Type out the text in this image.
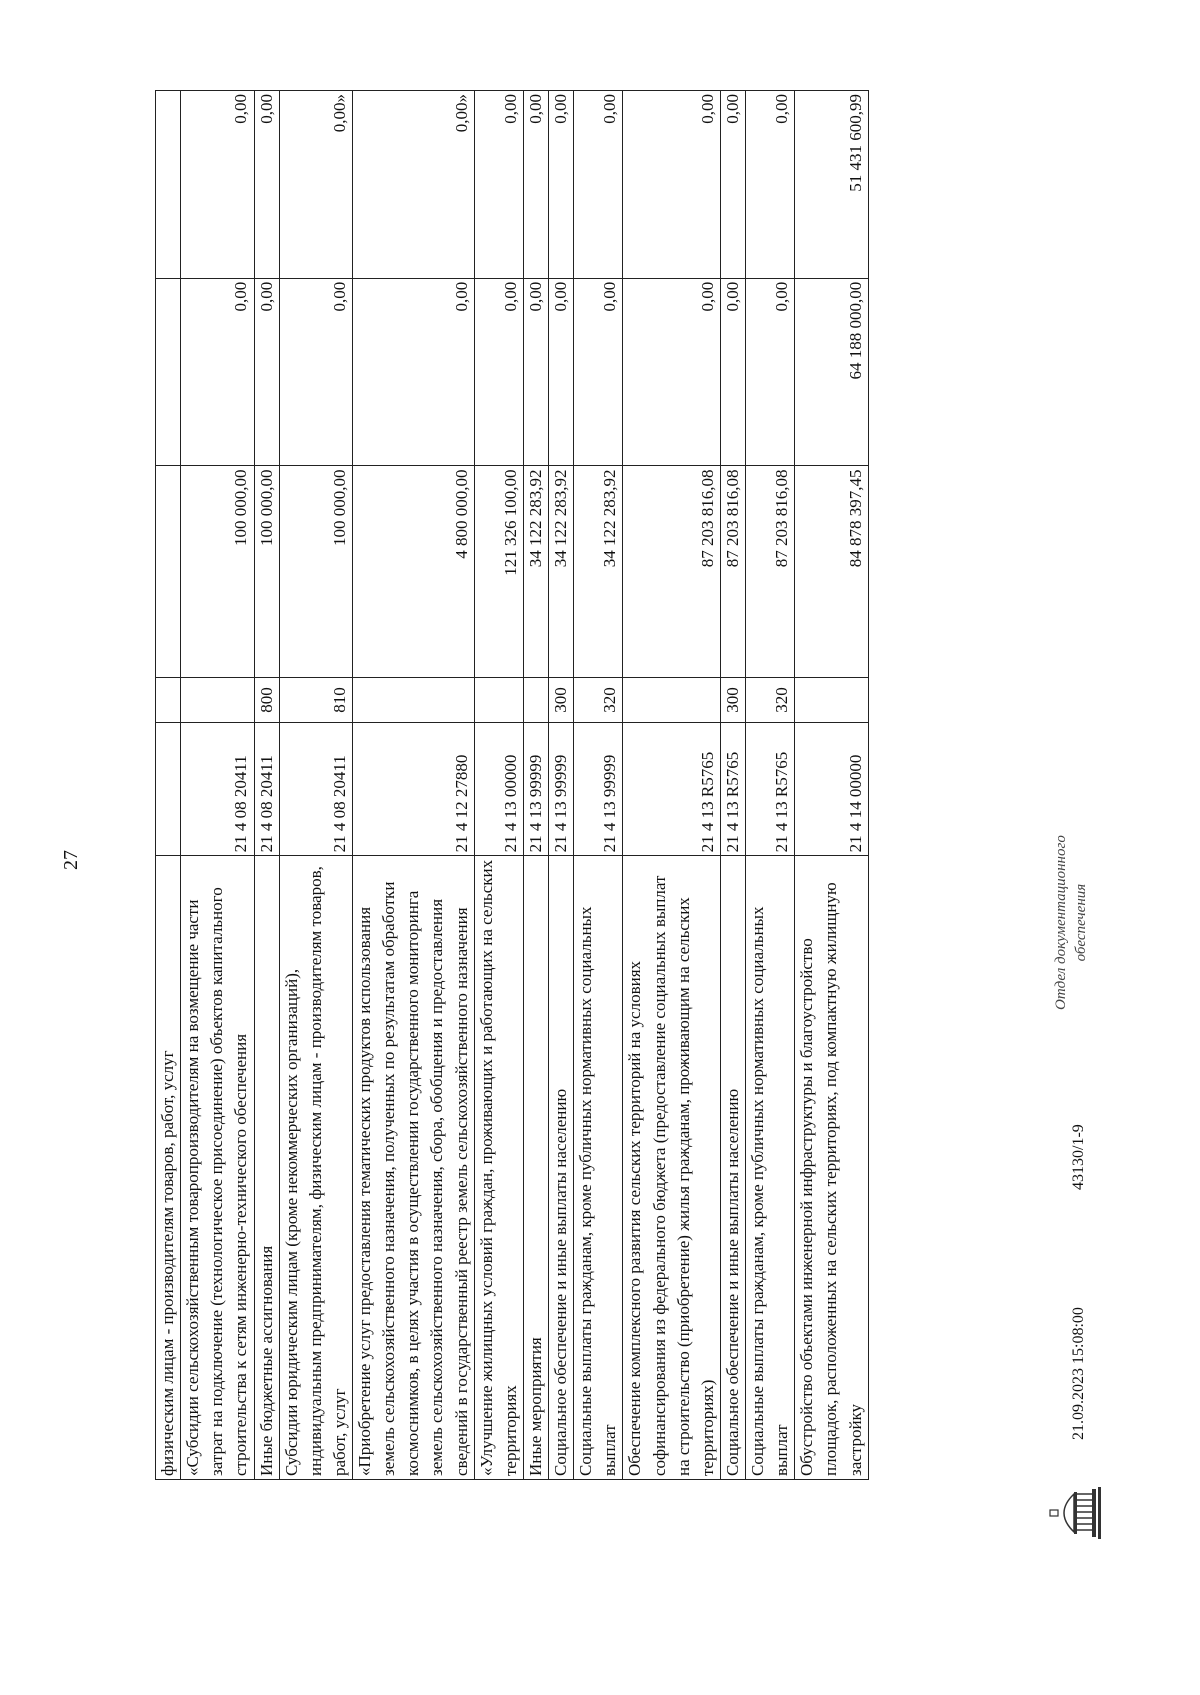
27
физическим лицам - производителям товаров, работ, услуг					
«Субсидии сельскохозяйственным товаропроизводителям на возмещение части затрат на подключение (технологическое присоединение) объектов капитального строительства к сетям инженерно-технического обеспечения	21 4 08 20411		100 000,00	0,00	0,00
Иные бюджетные ассигнования	21 4 08 20411	800	100 000,00	0,00	0,00
Субсидии юридическим лицам (кроме некоммерческих организаций), индивидуальным предпринимателям, физическим лицам - производителям товаров, работ, услуг	21 4 08 20411	810	100 000,00	0,00	0,00»
«Приобретение услуг предоставления тематических продуктов использования земель сельскохозяйственного назначения, полученных по результатам обработки космоснимков, в целях участия в осуществлении государственного мониторинга земель сельскохозяйственного назначения, сбора, обобщения и предоставления сведений в государственный реестр земель сельскохозяйственного назначения	21 4 12 27880		4 800 000,00	0,00	0,00»
«Улучшение жилищных условий граждан, проживающих и работающих на сельских территориях	21 4 13 00000		121 326 100,00	0,00	0,00
Иные мероприятия	21 4 13 99999		34 122 283,92	0,00	0,00
Социальное обеспечение и иные выплаты населению	21 4 13 99999	300	34 122 283,92	0,00	0,00
Социальные выплаты гражданам, кроме публичных нормативных социальных выплат	21 4 13 99999	320	34 122 283,92	0,00	0,00
Обеспечение комплексного развития сельских территорий на условиях софинансирования из федерального бюджета (предоставление социальных выплат на строительство (приобретение) жилья гражданам, проживающим на сельских территориях)	21 4 13 R5765		87 203 816,08	0,00	0,00
Социальное обеспечение и иные выплаты населению	21 4 13 R5765	300	87 203 816,08	0,00	0,00
Социальные выплаты гражданам, кроме публичных нормативных социальных выплат	21 4 13 R5765	320	87 203 816,08	0,00	0,00
Обустройство объектами инженерной инфраструктуры и благоустройство площадок, расположенных на сельских территориях, под компактную жилищную застройку	21 4 14 00000		84 878 397,45	64 188 000,00	51 431 600,99
21.09.2023 15:08:00
43130/1-9
Отдел документационного обеспечения
